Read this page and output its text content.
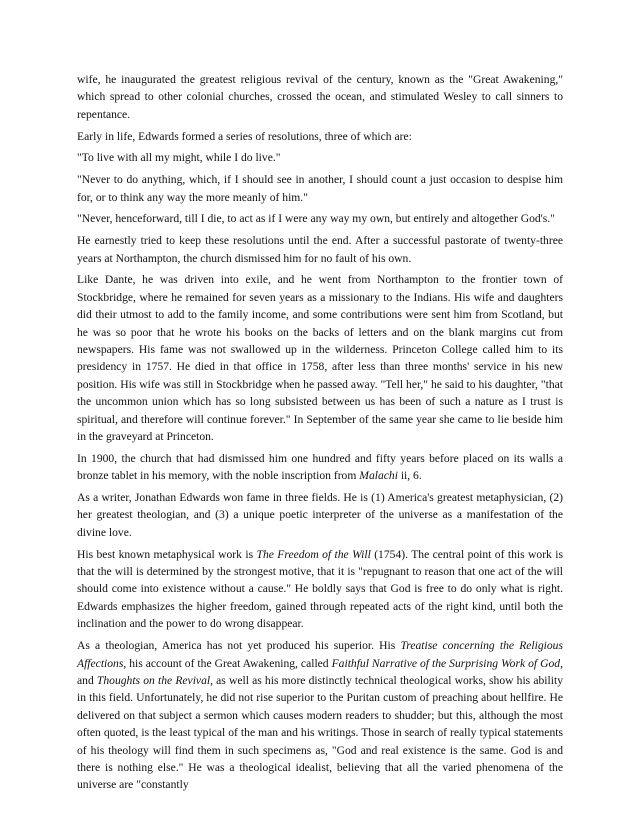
wife, he inaugurated the greatest religious revival of the century, known as the "Great Awakening," which spread to other colonial churches, crossed the ocean, and stimulated Wesley to call sinners to repentance.

Early in life, Edwards formed a series of resolutions, three of which are:

"To live with all my might, while I do live."

"Never to do anything, which, if I should see in another, I should count a just occasion to despise him for, or to think any way the more meanly of him."

"Never, henceforward, till I die, to act as if I were any way my own, but entirely and altogether God's."

He earnestly tried to keep these resolutions until the end. After a successful pastorate of twenty-three years at Northampton, the church dismissed him for no fault of his own.

Like Dante, he was driven into exile, and he went from Northampton to the frontier town of Stockbridge, where he remained for seven years as a missionary to the Indians. His wife and daughters did their utmost to add to the family income, and some contributions were sent him from Scotland, but he was so poor that he wrote his books on the backs of letters and on the blank margins cut from newspapers. His fame was not swallowed up in the wilderness. Princeton College called him to its presidency in 1757. He died in that office in 1758, after less than three months' service in his new position. His wife was still in Stockbridge when he passed away. "Tell her," he said to his daughter, "that the uncommon union which has so long subsisted between us has been of such a nature as I trust is spiritual, and therefore will continue forever." In September of the same year she came to lie beside him in the graveyard at Princeton.

In 1900, the church that had dismissed him one hundred and fifty years before placed on its walls a bronze tablet in his memory, with the noble inscription from Malachi ii, 6.

As a writer, Jonathan Edwards won fame in three fields. He is (1) America's greatest metaphysician, (2) her greatest theologian, and (3) a unique poetic interpreter of the universe as a manifestation of the divine love.

His best known metaphysical work is The Freedom of the Will (1754). The central point of this work is that the will is determined by the strongest motive, that it is "repugnant to reason that one act of the will should come into existence without a cause." He boldly says that God is free to do only what is right. Edwards emphasizes the higher freedom, gained through repeated acts of the right kind, until both the inclination and the power to do wrong disappear.

As a theologian, America has not yet produced his superior. His Treatise concerning the Religious Affections, his account of the Great Awakening, called Faithful Narrative of the Surprising Work of God, and Thoughts on the Revival, as well as his more distinctly technical theological works, show his ability in this field. Unfortunately, he did not rise superior to the Puritan custom of preaching about hellfire. He delivered on that subject a sermon which causes modern readers to shudder; but this, although the most often quoted, is the least typical of the man and his writings. Those in search of really typical statements of his theology will find them in such specimens as, "God and real existence is the same. God is and there is nothing else." He was a theological idealist, believing that all the varied phenomena of the universe are "constantly
